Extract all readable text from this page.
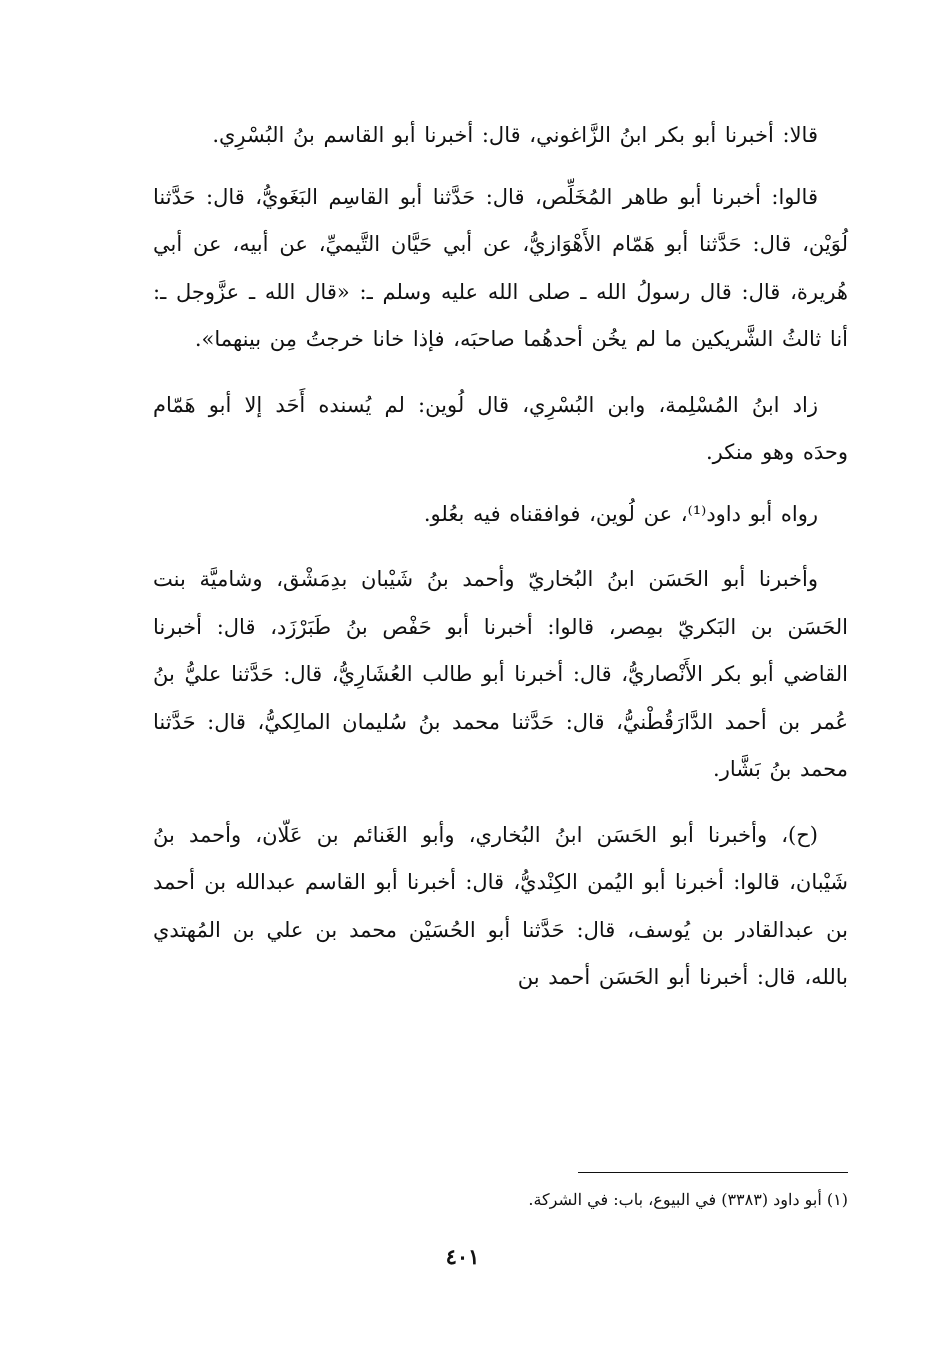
قالا: أخبرنا أبو بكر ابنُ الزَّاغوني، قال: أخبرنا أبو القاسم بنُ البُسْرِي.

قالوا: أخبرنا أبو طاهر المُخَلِّص، قال: حَدَّثنا أبو القاسِم البَغَويُّ، قال: حَدَّثنا لُوَيْن، قال: حَدَّثنا أبو هَمّام الأَهْوَازيُّ، عن أبي حَيَّان التَّيميِّ، عن أبيه، عن أبي هُريرة، قال: قال رسولُ الله ـ صلى الله عليه وسلم ـ: «قال الله ـ عزَّوجل ـ: أنا ثالثُ الشَّريكين ما لم يخُن أحدهُما صاحبَه، فإذا خانا خرجتُ مِن بينهما».

زاد ابنُ المُسْلِمة، وابن البُسْرِي، قال لُوين: لم يُسنده أَحَد إلا أبو هَمّام وحدَه وهو منكر.

رواه أبو داود⁽¹⁾، عن لُوين، فوافقناه فيه بعُلو.

وأخبرنا أبو الحَسَن ابنُ البُخاريّ وأحمد بنُ شَيْبان بدِمَشْق، وشاميَّة بنت الحَسَن بن البَكريّ بمِصر، قالوا: أخبرنا أبو حَفْص بنُ طَبَرْزَد، قال: أخبرنا القاضي أبو بكر الأَنْصاريُّ، قال: أخبرنا أبو طالب العُشَارِيُّ، قال: حَدَّثنا عليُّ بنُ عُمر بن أحمد الدَّارَقُطْنيُّ، قال: حَدَّثنا محمد بنُ سُليمان المالِكيُّ، قال: حَدَّثنا محمد بنُ بَشَّار.

(ح)، وأخبرنا أبو الحَسَن ابنُ البُخاري، وأبو الغَنائم بن عَلّان، وأحمد بنُ شَيْبان، قالوا: أخبرنا أبو اليُمن الكِنْديُّ، قال: أخبرنا أبو القاسم عبدالله بن أحمد بن عبدالقادر بن يُوسف، قال: حَدَّثنا أبو الحُسَيْن محمد بن علي بن المُهتدي بالله، قال: أخبرنا أبو الحَسَن أحمد بن

(١) أبو داود (٣٣٨٣) في البيوع، باب: في الشركة.

٤٠١
